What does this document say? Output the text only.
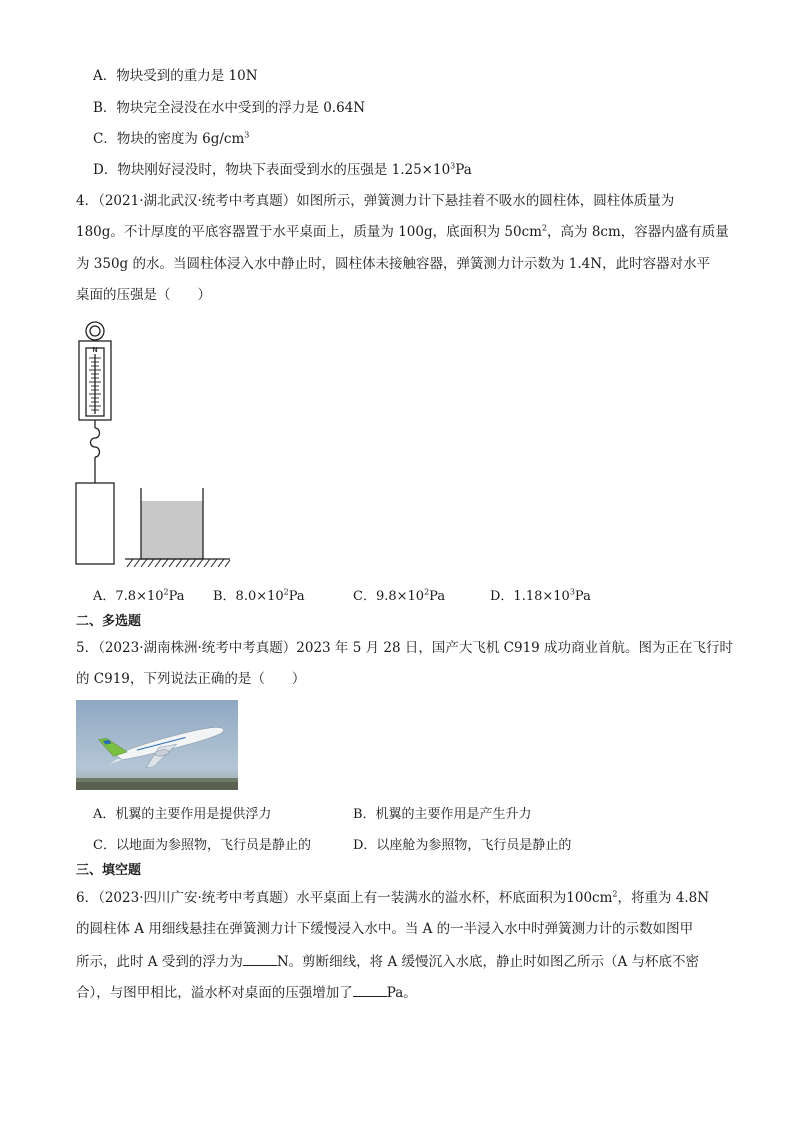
A．物块受到的重力是 10N
B．物块完全浸没在水中受到的浮力是 0.64N
C．物块的密度为 $6g/cm^3$
D．物块刚好浸没时，物块下表面受到水的压强是 $1.25\times 10^3Pa$
4．（2021·湖北武汉·统考中考真题）如图所示，弹簧测力计下悬挂着不吸水的圆柱体，圆柱体质量为
180g。不计厚度的平底容器置于水平桌面上，质量为 100g，底面积为 $50cm^2$，高为 8cm，容器内盛有质量
为 350g 的水。当圆柱体浸入水中静止时，圆柱体未接触容器，弹簧测力计示数为 1.4N，此时容器对水平
桌面的压强是（　　）
N
A．$7.8\times 10^2Pa$ B．$8.0\times 10^2Pa$	C．$9.8\times 10^2Pa$	D．$1.18\times 10^3Pa$
二、多选题
5．（2023·湖南株洲·统考中考真题）2023 年 5 月 28 日，国产大飞机 C919 成功商业首航。图为正在飞行时
的 C919，下列说法正确的是（　　）
A．机翼的主要作用是提供浮力	B．机翼的主要作用是产生升力
C．以地面为参照物，飞行员是静止的	D．以座舱为参照物，飞行员是静止的
三、填空题
6．（2023·四川广安·统考中考真题）水平桌面上有一装满水的溢水杯，杯底面积为$100cm^2$，将重为 4.8N
的圆柱体 A 用细线悬挂在弹簧测力计下缓慢浸入水中。当 A 的一半浸入水中时弹簧测力计的示数如图甲
所示，此时 A 受到的浮力为	N。剪断细线，将 A 缓慢沉入水底，静止时如图乙所示（A 与杯底不密
合），与图甲相比，溢水杯对桌面的压强增加了	Pa。
